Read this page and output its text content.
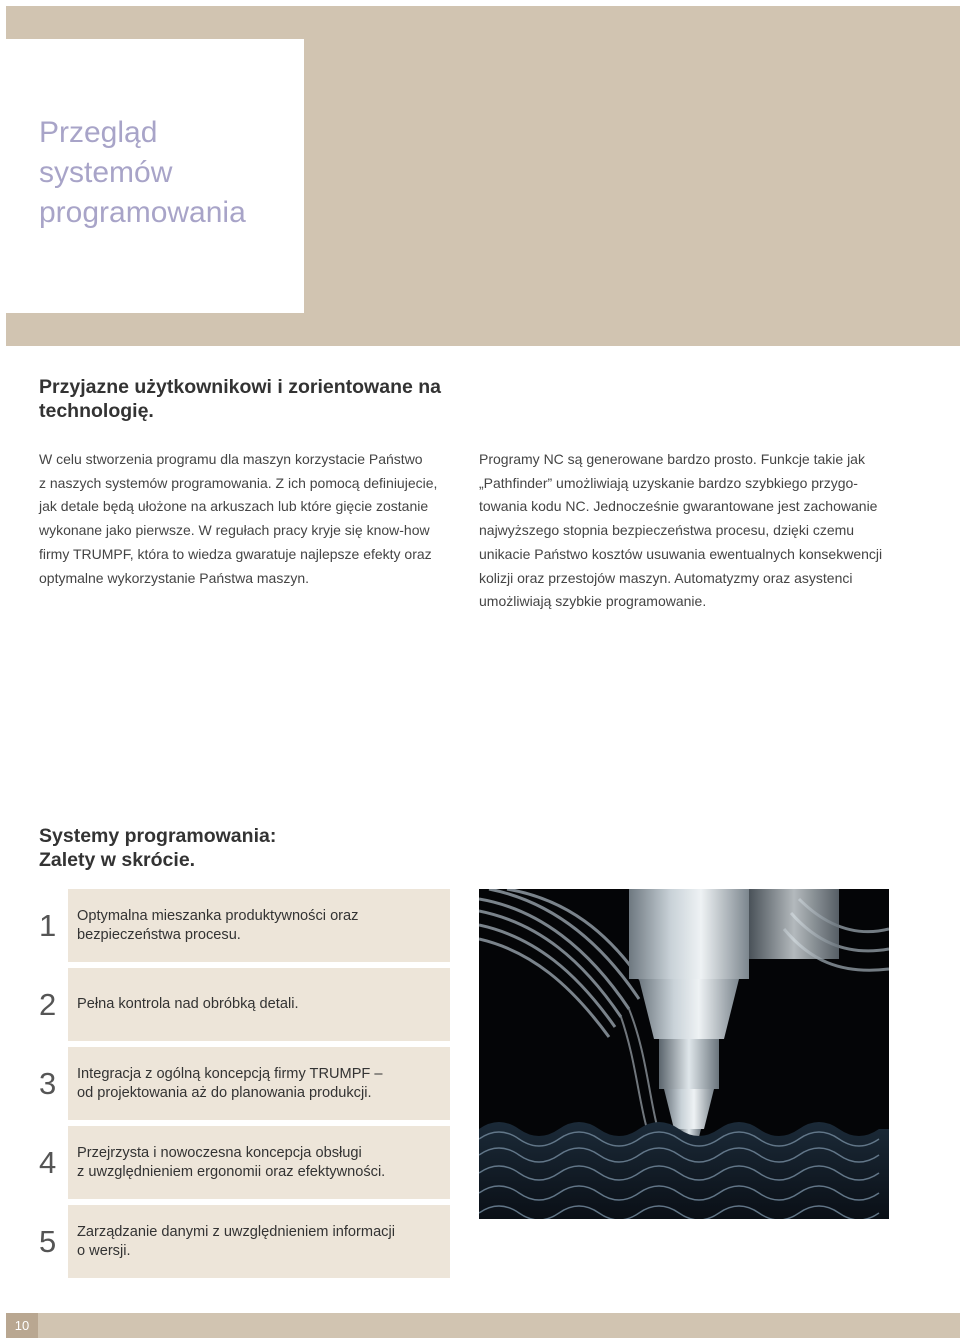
Przegląd
systemów
programowania
Przyjazne użytkownikowi i zorientowane na
technologię.
W celu stworzenia programu dla maszyn korzystacie Państwo
z naszych systemów programowania. Z ich pomocą definiujecie,
jak detale będą ułożone na arkuszach lub które gięcie zostanie
wykonane jako pierwsze. W regułach pracy kryje się know-how
firmy TRUMPF, która to wiedza gwaratuje najlepsze efekty oraz
optymalne wykorzystanie Państwa maszyn.
Programy NC są generowane bardzo prosto. Funkcje takie jak
„Pathfinder” umożliwiają uzyskanie bardzo szybkiego przygo-
towania kodu NC. Jednocześnie gwarantowane jest zachowanie
najwyższego stopnia bezpieczeństwa procesu, dzięki czemu
unikacie Państwo kosztów usuwania ewentualnych konsekwencji
kolizji oraz przestojów maszyn. Automatyzmy oraz asystenci
umożliwiają szybkie programowanie.
Systemy programowania:
Zalety w skrócie.
1	Optymalna mieszanka produktywności oraz
bezpieczeństwa procesu.
2	Pełna kontrola nad obróbką detali.
3	Integracja z ogólną koncepcją firmy TRUMPF –
od projektowania aż do planowania produkcji.
4	Przejrzysta i nowoczesna koncepcja obsługi
z uwzględnieniem ergonomii oraz efektywności.
5	Zarządzanie danymi z uwzględnieniem informacji
o wersji.
10
